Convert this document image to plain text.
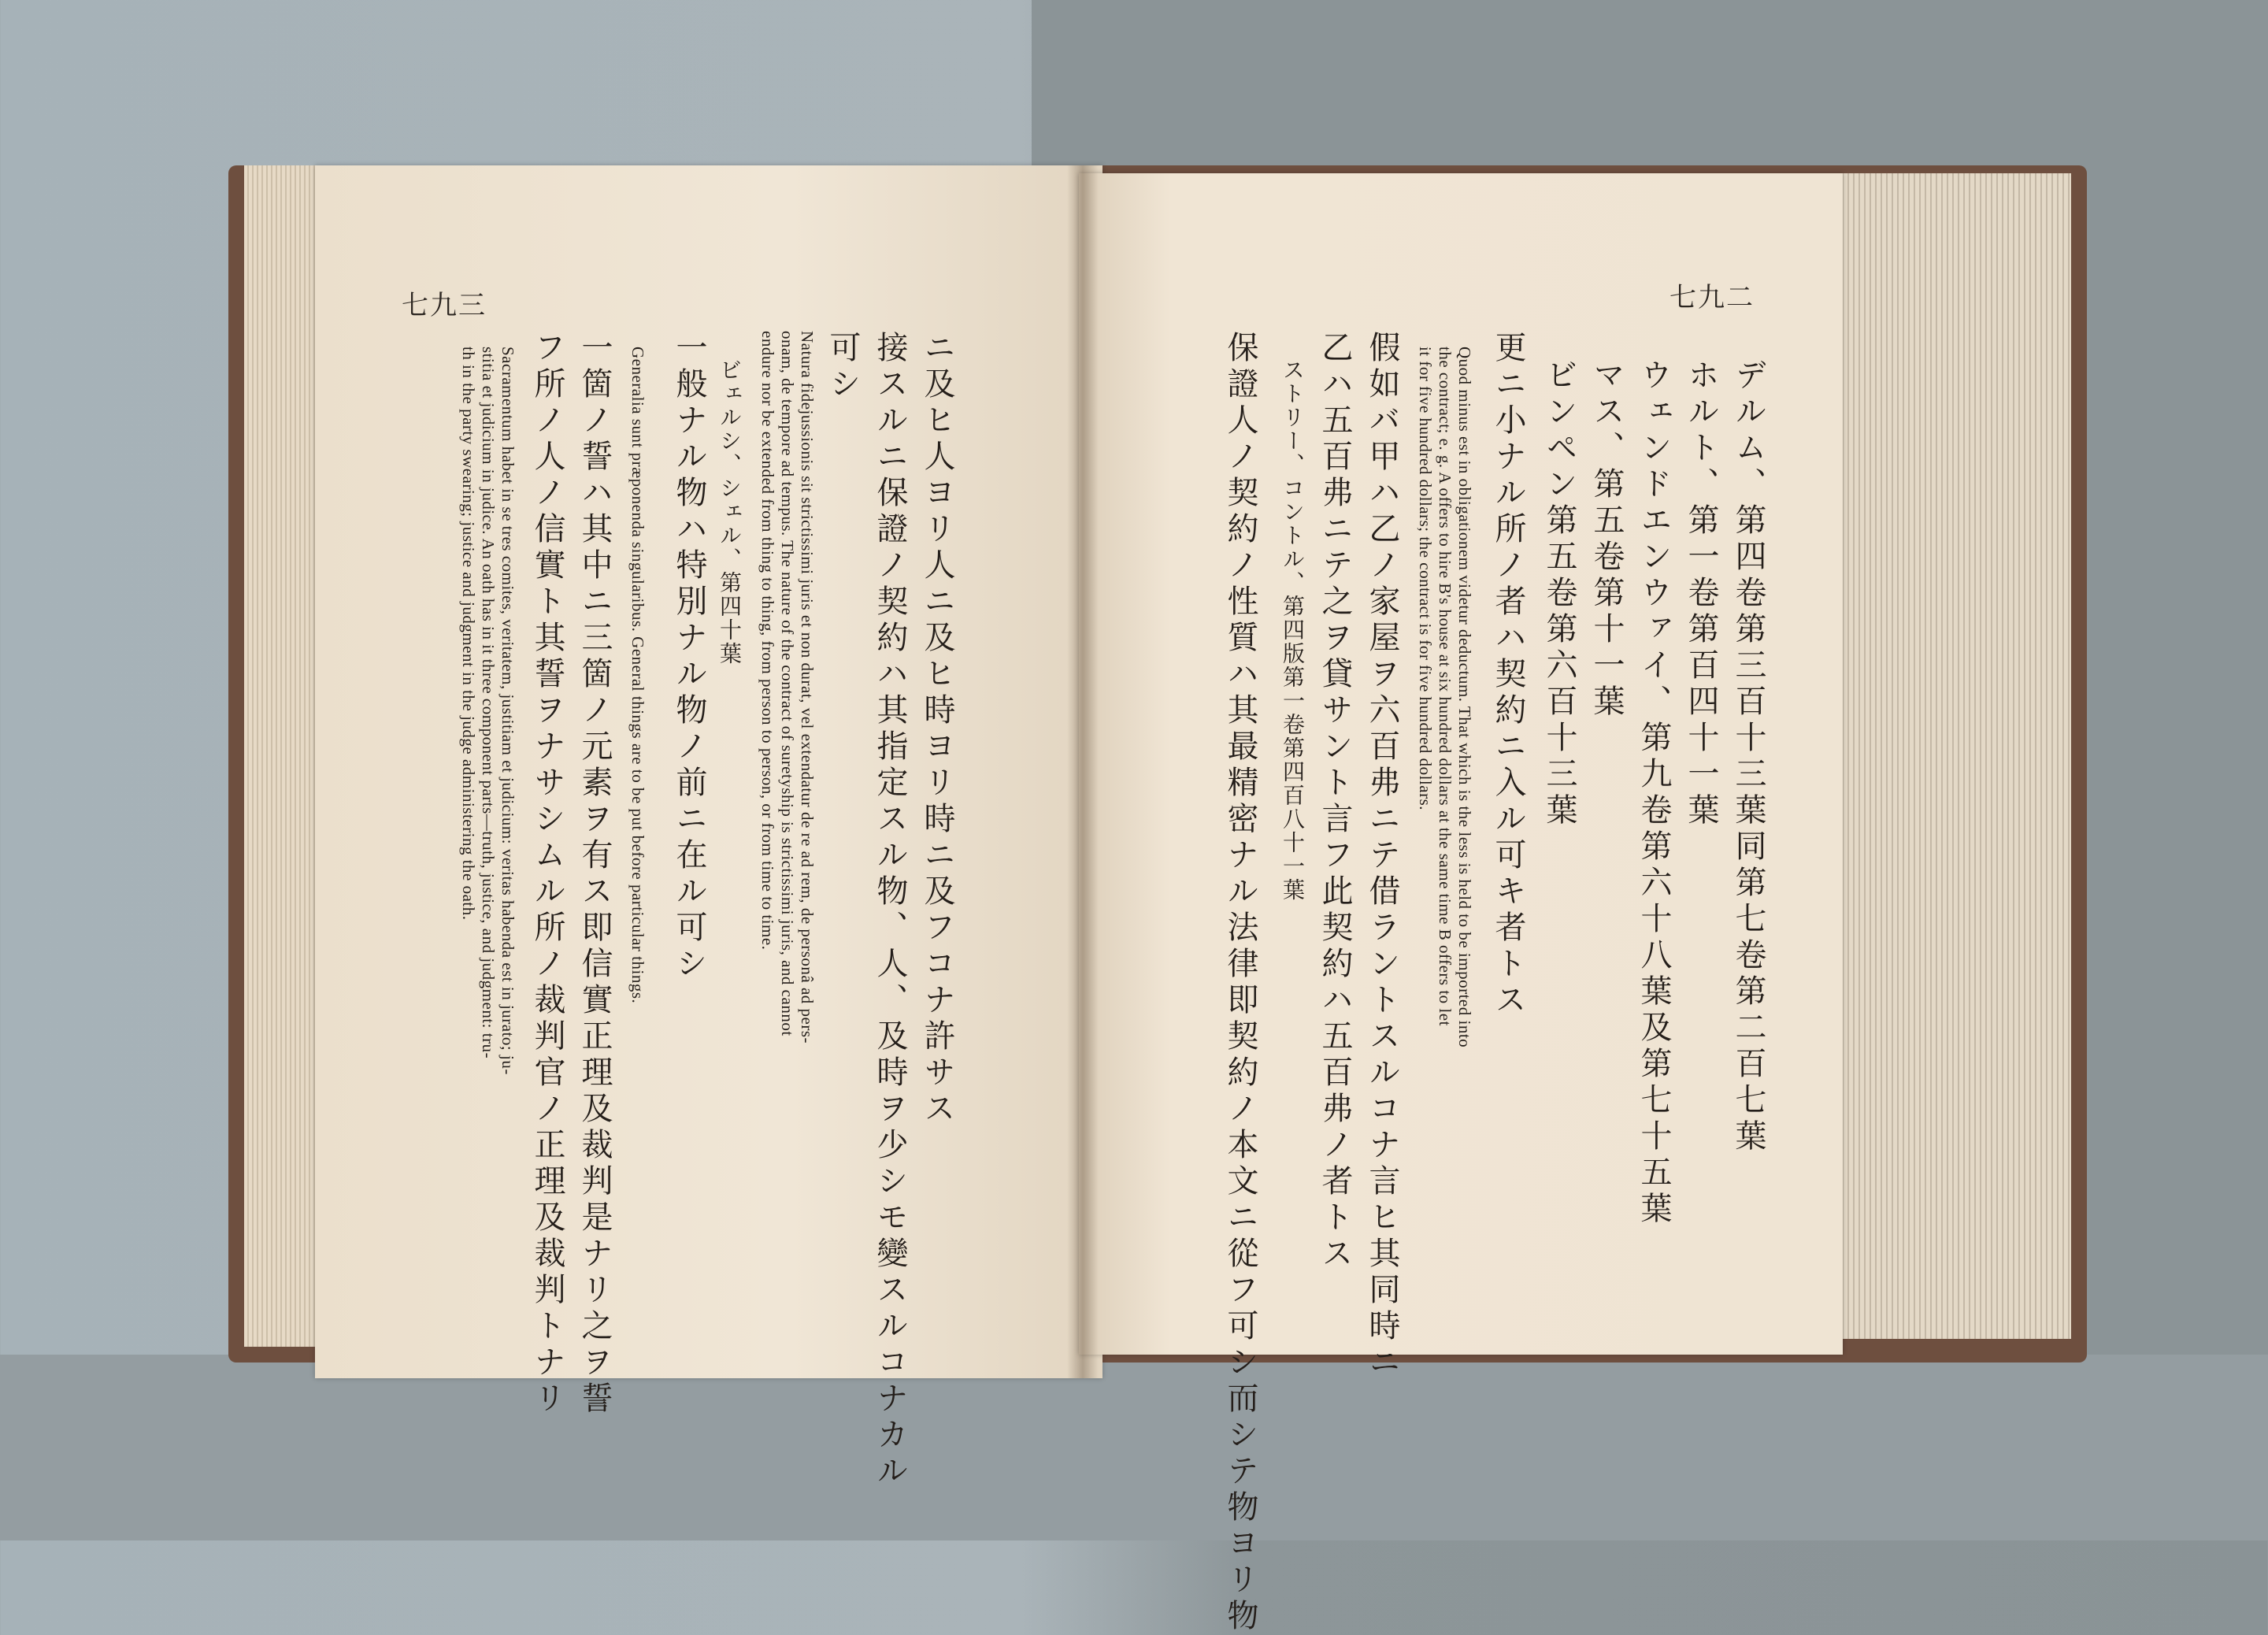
七九三	七九二
ニ及ヒ人ヨリ人ニ及ヒ時ヨリ時ニ及フコナ許サス
接スルニ保證ノ契約ハ其指定スル物、人、及時ヲ少シモ變スルコナカル
可シ
Natura fidejussionis sit strictissimi juris et non durat, vel extendatur de re ad rem, de personâ ad pers-
onam, de tempore ad tempus. The nature of the contract of suretyship is strictissimi juris, and cannot
endure nor be extended from thing to thing, from person to person, or from time to time.
ビェルシ、シェル、第四十葉
一般ナル物ハ特別ナル物ノ前ニ在ル可シ
Generalia sunt præponenda singularibus. General things are to be put before particular things.
一箇ノ誓ハ其中ニ三箇ノ元素ヲ有ス即信實正理及裁判是ナリ之ヲ誓
フ所ノ人ノ信實ト其誓ヲナサシムル所ノ裁判官ノ正理及裁判トナリ
Sacramentum habet in se tres comites, veritatem, justitiam et judicium: veritas habenda est in jurato; ju-
stitia et judicium in judice. An oath has in it three component parts—truth, justice, and judgment: tru-
th in the party swearing; justice and judgment in the judge administering the oath.	デルム、第四卷第三百十三葉同第七卷第二百七葉
ホルト、第一卷第百四十一葉
ウェンドエンウァイ、第九卷第六十八葉及第七十五葉
マス、第五卷第十一葉
ビンペン第五卷第六百十三葉
更ニ小ナル所ノ者ハ契約ニ入ル可キ者トス
Quod minus est in obligationem videtur deductum. That which is the less is held to be imported into
the contract; e. g. A offers to hire B's house at six hundred dollars at the same time B offers to let
it for five hundred dollars; the contract is for five hundred dollars.
假如バ甲ハ乙ノ家屋ヲ六百弗ニテ借ラントスルコナ言ヒ其同時ニ
乙ハ五百弗ニテ之ヲ貸サント言フ此契約ハ五百弗ノ者トス
ストリー、コントル、第四版第一卷第四百八十一葉
保證人ノ契約ノ性質ハ其最精密ナル法律即契約ノ本文ニ從フ可シ而シテ物ヨリ物
